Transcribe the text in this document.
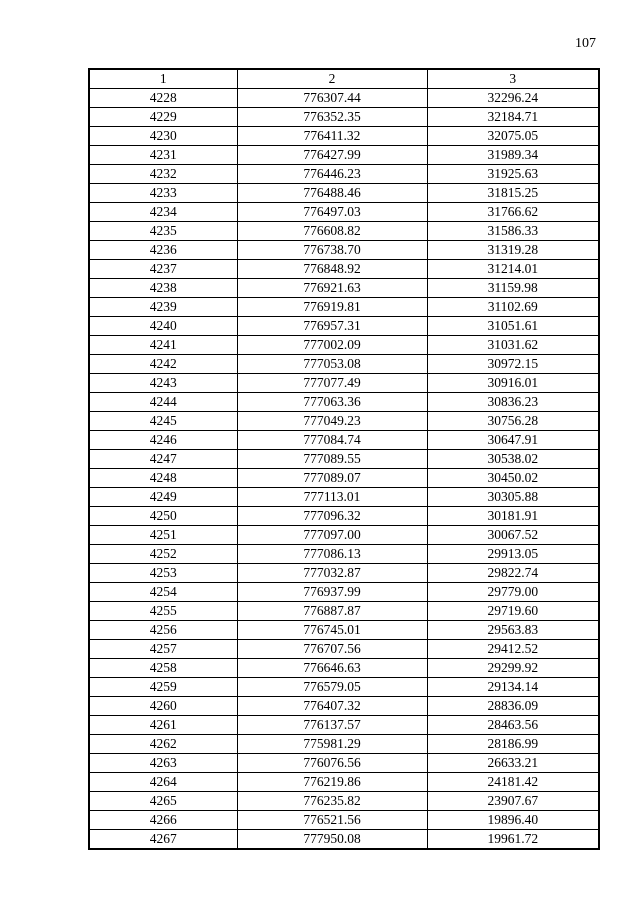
107
1	2	3
4228	776307.44	32296.24
4229	776352.35	32184.71
4230	776411.32	32075.05
4231	776427.99	31989.34
4232	776446.23	31925.63
4233	776488.46	31815.25
4234	776497.03	31766.62
4235	776608.82	31586.33
4236	776738.70	31319.28
4237	776848.92	31214.01
4238	776921.63	31159.98
4239	776919.81	31102.69
4240	776957.31	31051.61
4241	777002.09	31031.62
4242	777053.08	30972.15
4243	777077.49	30916.01
4244	777063.36	30836.23
4245	777049.23	30756.28
4246	777084.74	30647.91
4247	777089.55	30538.02
4248	777089.07	30450.02
4249	777113.01	30305.88
4250	777096.32	30181.91
4251	777097.00	30067.52
4252	777086.13	29913.05
4253	777032.87	29822.74
4254	776937.99	29779.00
4255	776887.87	29719.60
4256	776745.01	29563.83
4257	776707.56	29412.52
4258	776646.63	29299.92
4259	776579.05	29134.14
4260	776407.32	28836.09
4261	776137.57	28463.56
4262	775981.29	28186.99
4263	776076.56	26633.21
4264	776219.86	24181.42
4265	776235.82	23907.67
4266	776521.56	19896.40
4267	777950.08	19961.72
